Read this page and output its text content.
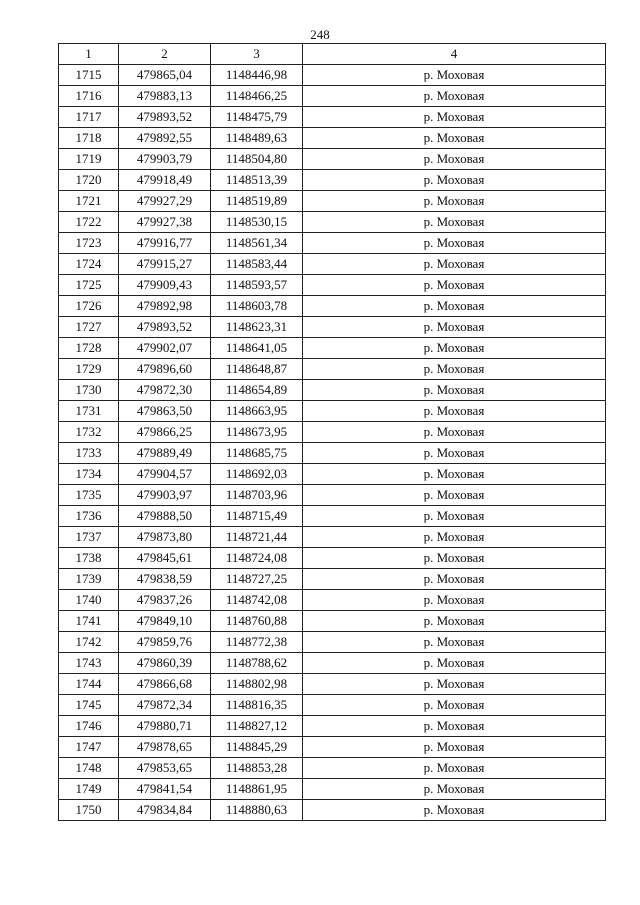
248
1	2	3	4
1715	479865,04	1148446,98	р. Моховая
1716	479883,13	1148466,25	р. Моховая
1717	479893,52	1148475,79	р. Моховая
1718	479892,55	1148489,63	р. Моховая
1719	479903,79	1148504,80	р. Моховая
1720	479918,49	1148513,39	р. Моховая
1721	479927,29	1148519,89	р. Моховая
1722	479927,38	1148530,15	р. Моховая
1723	479916,77	1148561,34	р. Моховая
1724	479915,27	1148583,44	р. Моховая
1725	479909,43	1148593,57	р. Моховая
1726	479892,98	1148603,78	р. Моховая
1727	479893,52	1148623,31	р. Моховая
1728	479902,07	1148641,05	р. Моховая
1729	479896,60	1148648,87	р. Моховая
1730	479872,30	1148654,89	р. Моховая
1731	479863,50	1148663,95	р. Моховая
1732	479866,25	1148673,95	р. Моховая
1733	479889,49	1148685,75	р. Моховая
1734	479904,57	1148692,03	р. Моховая
1735	479903,97	1148703,96	р. Моховая
1736	479888,50	1148715,49	р. Моховая
1737	479873,80	1148721,44	р. Моховая
1738	479845,61	1148724,08	р. Моховая
1739	479838,59	1148727,25	р. Моховая
1740	479837,26	1148742,08	р. Моховая
1741	479849,10	1148760,88	р. Моховая
1742	479859,76	1148772,38	р. Моховая
1743	479860,39	1148788,62	р. Моховая
1744	479866,68	1148802,98	р. Моховая
1745	479872,34	1148816,35	р. Моховая
1746	479880,71	1148827,12	р. Моховая
1747	479878,65	1148845,29	р. Моховая
1748	479853,65	1148853,28	р. Моховая
1749	479841,54	1148861,95	р. Моховая
1750	479834,84	1148880,63	р. Моховая
